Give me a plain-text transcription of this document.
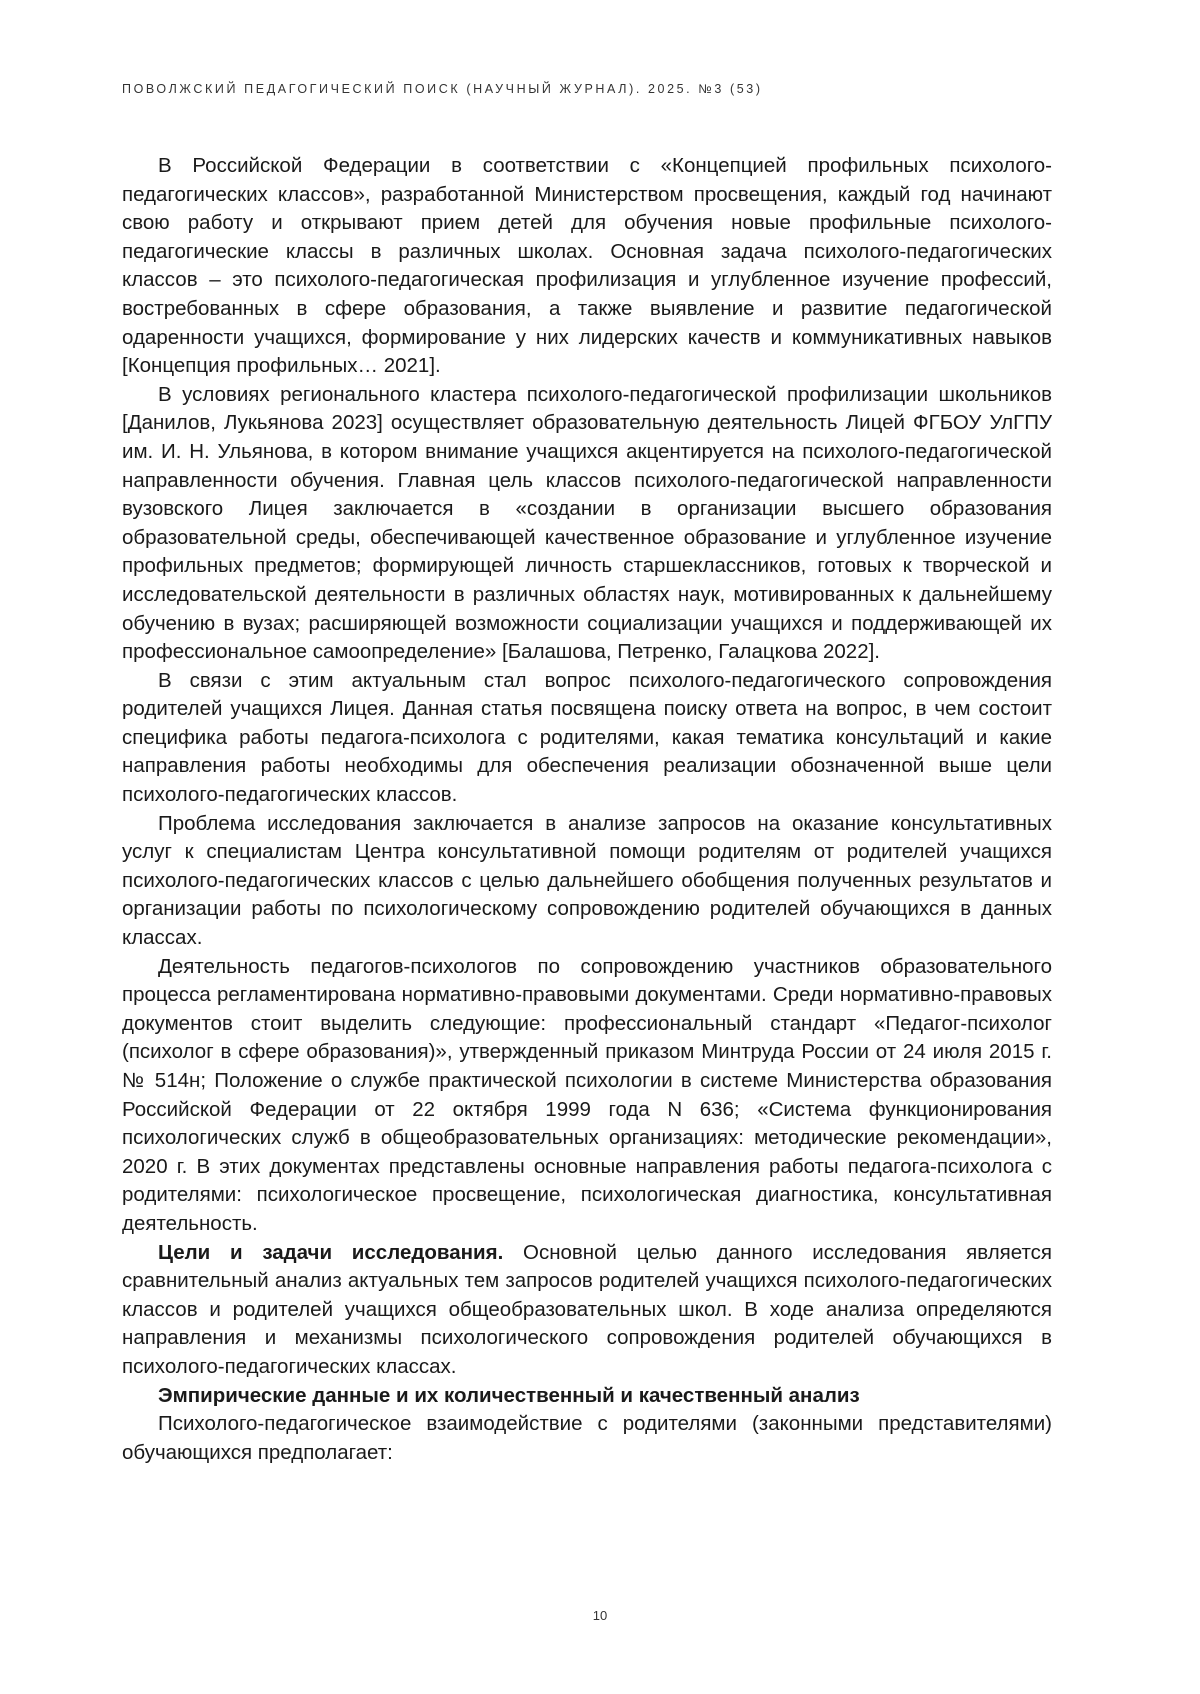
ПОВОЛЖСКИЙ ПЕДАГОГИЧЕСКИЙ ПОИСК (НАУЧНЫЙ ЖУРНАЛ). 2025. №3 (53)

В Российской Федерации в соответствии с «Концепцией профильных психолого-педагогических классов», разработанной Министерством просвещения, каждый год начинают свою работу и открывают прием детей для обучения новые профильные психолого-педагогические классы в различных школах. Основная задача психолого-педагогических классов – это психолого-педагогическая профилизация и углубленное изучение профессий, востребованных в сфере образования, а также выявление и развитие педагогической одаренности учащихся, формирование у них лидерских качеств и коммуникативных навыков [Концепция профильных… 2021].

В условиях регионального кластера психолого-педагогической профилизации школьников [Данилов, Лукьянова 2023] осуществляет образовательную деятельность Лицей ФГБОУ УлГПУ им. И. Н. Ульянова, в котором внимание учащихся акцентируется на психолого-педагогической направленности обучения. Главная цель классов психолого-педагогической направленности вузовского Лицея заключается в «создании в организации высшего образования образовательной среды, обеспечивающей качественное образование и углубленное изучение профильных предметов; формирующей личность старшеклассников, готовых к творческой и исследовательской деятельности в различных областях наук, мотивированных к дальнейшему обучению в вузах; расширяющей возможности социализации учащихся и поддерживающей их профессиональное самоопределение» [Балашова, Петренко, Галацкова 2022].

В связи с этим актуальным стал вопрос психолого-педагогического сопровождения родителей учащихся Лицея. Данная статья посвящена поиску ответа на вопрос, в чем состоит специфика работы педагога-психолога с родителями, какая тематика консультаций и какие направления работы необходимы для обеспечения реализации обозначенной выше цели психолого-педагогических классов.

Проблема исследования заключается в анализе запросов на оказание консультативных услуг к специалистам Центра консультативной помощи родителям от родителей учащихся психолого-педагогических классов с целью дальнейшего обобщения полученных результатов и организации работы по психологическому сопровождению родителей обучающихся в данных классах.

Деятельность педагогов-психологов по сопровождению участников образовательного процесса регламентирована нормативно-правовыми документами. Среди нормативно-правовых документов стоит выделить следующие: профессиональный стандарт «Педагог-психолог (психолог в сфере образования)», утвержденный приказом Минтруда России от 24 июля 2015 г. № 514н; Положение о службе практической психологии в системе Министерства образования Российской Федерации от 22 октября 1999 года N 636; «Система функционирования психологических служб в общеобразовательных организациях: методические рекомендации», 2020 г. В этих документах представлены основные направления работы педагога-психолога с родителями: психологическое просвещение, психологическая диагностика, консультативная деятельность.

Цели и задачи исследования. Основной целью данного исследования является сравнительный анализ актуальных тем запросов родителей учащихся психолого-педагогических классов и родителей учащихся общеобразовательных школ. В ходе анализа определяются направления и механизмы психологического сопровождения родителей обучающихся в психолого-педагогических классах.

Эмпирические данные и их количественный и качественный анализ

Психолого-педагогическое взаимодействие с родителями (законными представителями) обучающихся предполагает:

10
